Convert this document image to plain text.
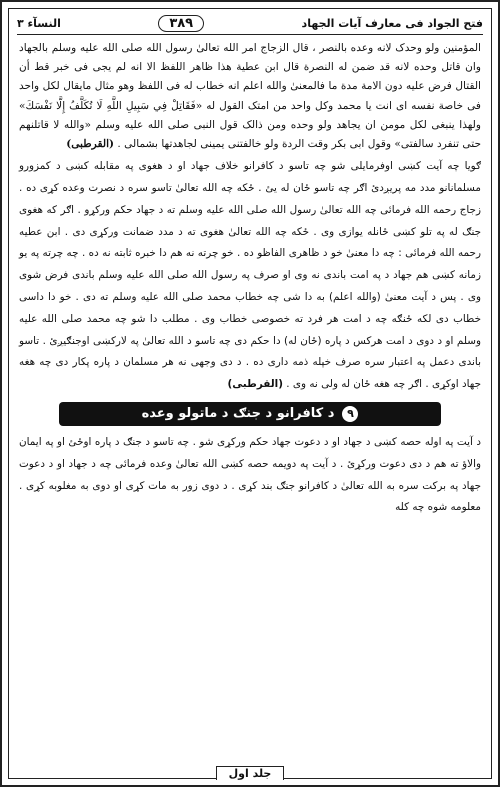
فتح الجواد فی معارف آیات الجهاد
٣٨٩
النسآء ٣
المؤمنین ولو وحدک لانه وعده بالنصر ، قال الزجاج امر الله تعالیٰ رسول الله صلی الله علیه وسلم بالجهاد وان قاتل وحده لانه قد ضمن له النصرة قال ابن عطیة هذا ظاهر اللفظ الا انه لم یجی فی خبر قط أن القتال فرض علیه دون الامة مدة ما فالمعنیٰ والله اعلم انه خطاب له فی اللفظ وهو مثال مایقال لکل واحد فی خاصة نفسه ای انت یا محمد وکل واحد من امتک القول له «فَقَاتِلْ فِي سَبِيلِ اللَّهِ لَا تُكَلَّفُ إِلَّا نَفْسَكَ» ولهذا ینبغی لکل مومن ان یجاهد ولو وحده ومن ذالک قول النبی صلی الله علیه وسلم «والله لا قاتلنهم حتی تنفرد سالفتی» وقول ابی بکر وقت الردة ولو خالفتنی یمینی لجاهدتها بشمالی . (القرطبی)
ګویا چه آیت کښی اوفرمایلی شو چه تاسو د کافرانو خلاف جهاد او د هغوی په مقابله کښی د کمزورو مسلمانانو مدد مه پریږدئ اګر چه تاسو ځان له یئ . ځکه چه الله تعالیٰ تاسو سره د نصرت وعده کړی ده . زجاج رحمه الله فرمائی چه الله تعالیٰ رسول الله صلی الله علیه وسلم ته د جهاد حکم ورکړو . اګر که هغوی جنګ له په تلو کښی ځانله یوازی وی . ځکه چه الله تعالیٰ هغوی ته د مدد ضمانت ورکړی دی . ابن عطیه رحمه الله فرمائی : چه دا معنیٰ خو د ظاهری الفاظو ده . خو چرته نه هم دا خبره ثابته نه ده . چه چرته په یو زمانه کښی هم جهاد د په امت باندی نه وی او صرف په رسول الله صلی الله علیه وسلم باندی فرض شوی وی . پس د آیت معنیٰ (والله اعلم) به دا شی چه خطاب محمد صلی الله علیه وسلم ته دی . خو دا داسی خطاب دی لکه ځنګه چه د امت هر فرد ته خصوصی خطاب وی . مطلب دا شو چه محمد صلی الله علیه وسلم او د دوی د امت هرکس د پاره (ځان له) دا حکم دی چه تاسو د الله تعالیٰ په لارکښی اوجنګیږئ . تاسو باندی دعمل په اعتبار سره صرف خپله ذمه داری ده . د دی وجهی نه هر مسلمان د پاره پکار دی چه هغه جهاد اوکړی . اګر چه هغه ځان له ولی نه وی . (القرطبی)
٩
د کافرانو د جنګ د ماتولو وعده
د آیت په اوله حصه کښی د جهاد او د دعوت جهاد حکم ورکړی شو . چه تاسو د جنګ د پاره اوځئ او په ایمان والاؤ ته هم د دی دعوت ورکړئ . د آیت په دویمه حصه کښی الله تعالیٰ وعده فرمائی چه د جهاد او د دعوت جهاد په برکت سره به الله تعالیٰ د کافرانو جنګ بند کړی . د دوی زور به مات کړی او دوی به مغلوبه کړی . معلومه شوه چه کله
جلد اول
